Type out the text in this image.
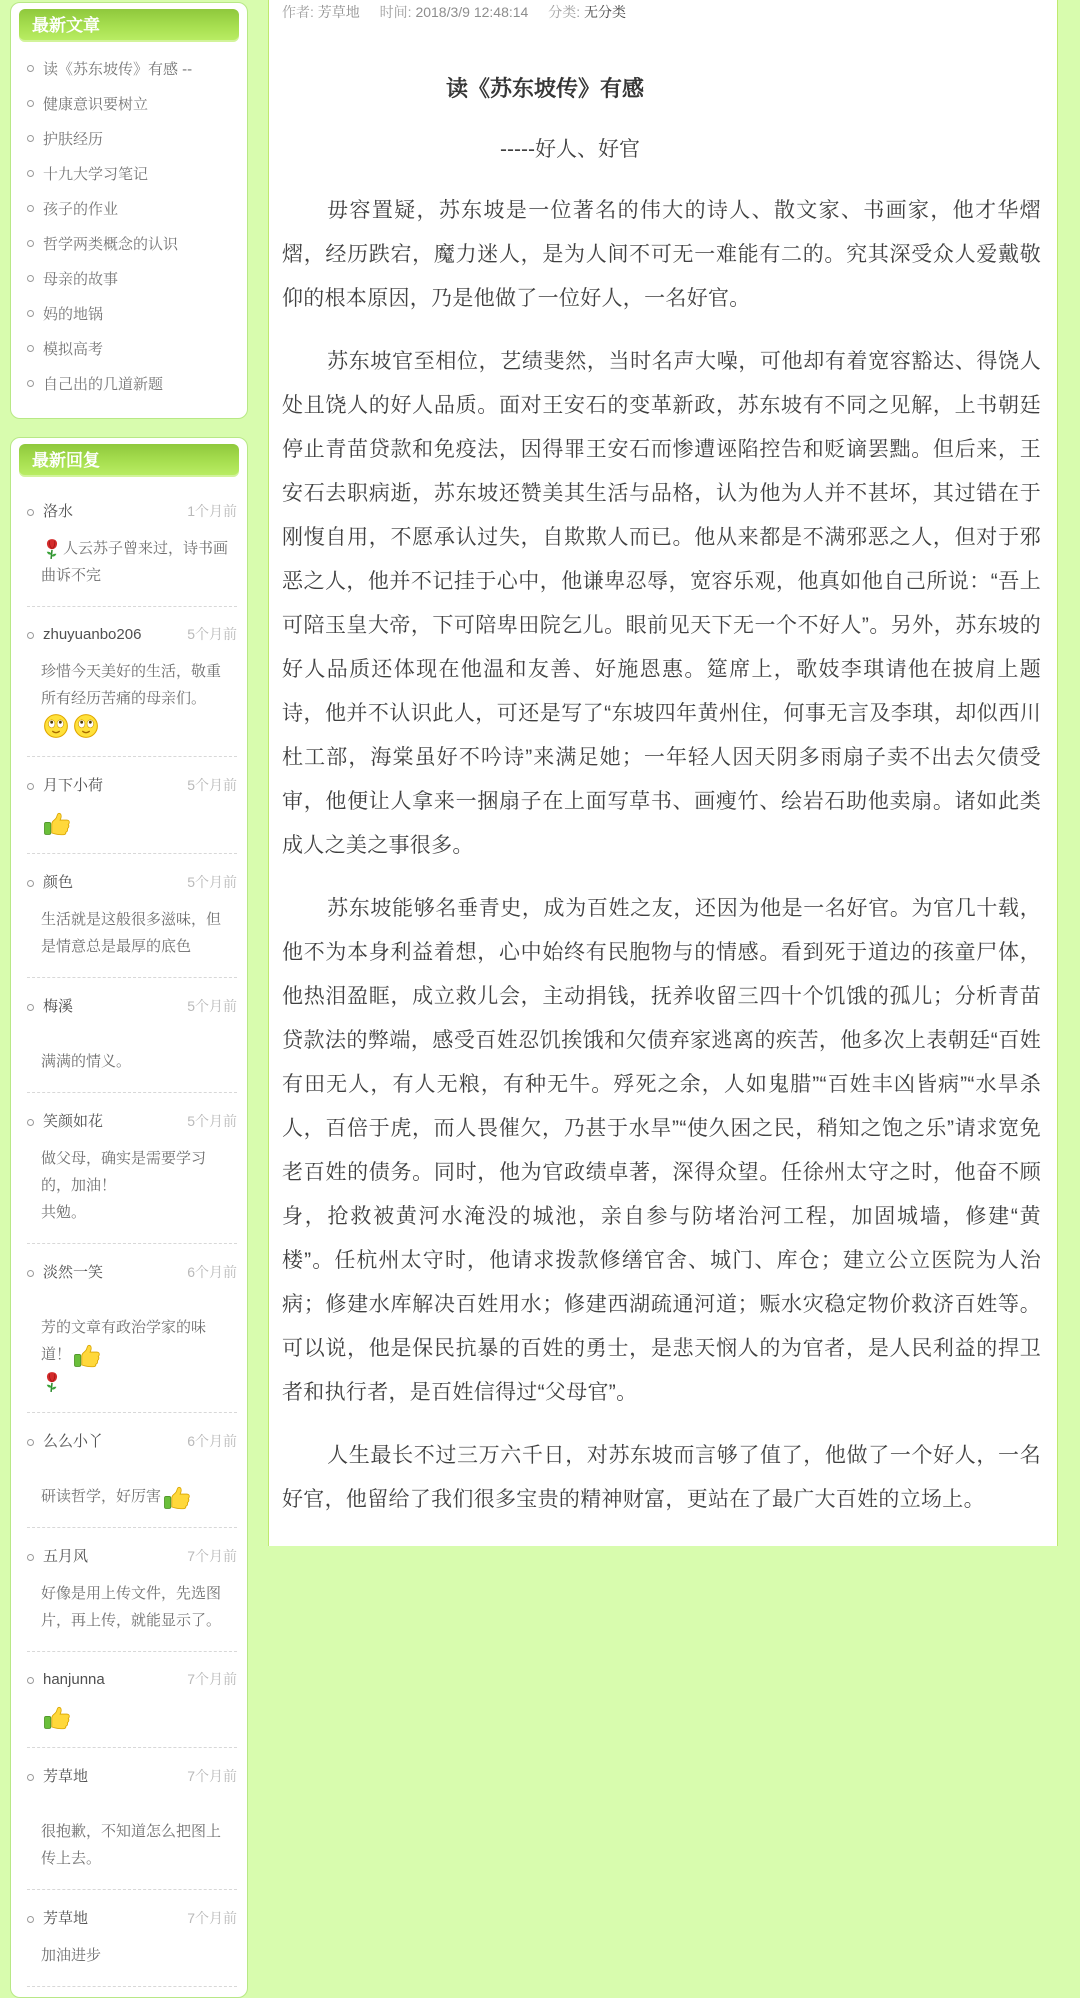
最新文章
读《苏东坡传》有感 --
健康意识要树立
护肤经历
十九大学习笔记
孩子的作业
哲学两类概念的认识
母亲的故事
妈的地锅
模拟高考
自己出的几道新题
最新回复
洛水	1个月前
人云苏子曾来过，诗书画曲诉不完
zhuyuanbo206	5个月前
珍惜今天美好的生活，敬重所有经历苦痛的母亲们。
月下小荷	5个月前
颜色	5个月前
生活就是这般很多滋味，但是情意总是最厚的底色
梅溪	5个月前
满满的情义。
笑颜如花	5个月前
做父母，确实是需要学习的，加油！
共勉。
淡然一笑	6个月前
芳的文章有政治学家的味道！

么么小丫	6个月前
研读哲学，好厉害
五月风	7个月前
好像是用上传文件，先选图片，再上传，就能显示了。
hanjunna	7个月前
芳草地	7个月前
很抱歉，不知道怎么把图上传上去。
芳草地	7个月前
加油进步
作者: 芳草地 时间: 2018/3/9 12:48:14 分类: 无分类
读《苏东坡传》有感
-----好人、好官

毋容置疑，苏东坡是一位著名的伟大的诗人、散文家、书画家，他才华熠熠，经历跌宕，魔力迷人，是为人间不可无一难能有二的。究其深受众人爱戴敬仰的根本原因，乃是他做了一位好人，一名好官。

苏东坡官至相位，艺绩斐然，当时名声大噪，可他却有着宽容豁达、得饶人处且饶人的好人品质。面对王安石的变革新政，苏东坡有不同之见解，上书朝廷停止青苗贷款和免疫法，因得罪王安石而惨遭诬陷控告和贬谪罢黜。但后来，王安石去职病逝，苏东坡还赞美其生活与品格，认为他为人并不甚坏，其过错在于刚愎自用，不愿承认过失，自欺欺人而已。他从来都是不满邪恶之人，但对于邪恶之人，他并不记挂于心中，他谦卑忍辱，宽容乐观，他真如他自己所说：“吾上可陪玉皇大帝，下可陪卑田院乞儿。眼前见天下无一个不好人”。另外，苏东坡的好人品质还体现在他温和友善、好施恩惠。筵席上，歌妓李琪请他在披肩上题诗，他并不认识此人，可还是写了“东坡四年黄州住，何事无言及李琪，却似西川杜工部，海棠虽好不吟诗”来满足她；一年轻人因天阴多雨扇子卖不出去欠债受审，他便让人拿来一捆扇子在上面写草书、画瘦竹、绘岩石助他卖扇。诸如此类成人之美之事很多。

苏东坡能够名垂青史，成为百姓之友，还因为他是一名好官。为官几十载，他不为本身利益着想，心中始终有民胞物与的情感。看到死于道边的孩童尸体，他热泪盈眶，成立救儿会，主动捐钱，抚养收留三四十个饥饿的孤儿；分析青苗贷款法的弊端，感受百姓忍饥挨饿和欠债弃家逃离的疾苦，他多次上表朝廷“百姓有田无人，有人无粮，有种无牛。殍死之余，人如鬼腊”“百姓丰凶皆病”“水旱杀人，百倍于虎，而人畏催欠，乃甚于水旱”“使久困之民，稍知之饱之乐”请求宽免老百姓的债务。同时，他为官政绩卓著，深得众望。任徐州太守之时，他奋不顾身，抢救被黄河水淹没的城池，亲自参与防堵治河工程，加固城墙，修建“黄楼”。任杭州太守时，他请求拨款修缮官舍、城门、库仓；建立公立医院为人治病；修建水库解决百姓用水；修建西湖疏通河道；赈水灾稳定物价救济百姓等。可以说，他是保民抗暴的百姓的勇士，是悲天悯人的为官者，是人民利益的捍卫者和执行者，是百姓信得过“父母官”。

人生最长不过三万六千日，对苏东坡而言够了值了，他做了一个好人，一名好官，他留给了我们很多宝贵的精神财富，更站在了最广大百姓的立场上。
